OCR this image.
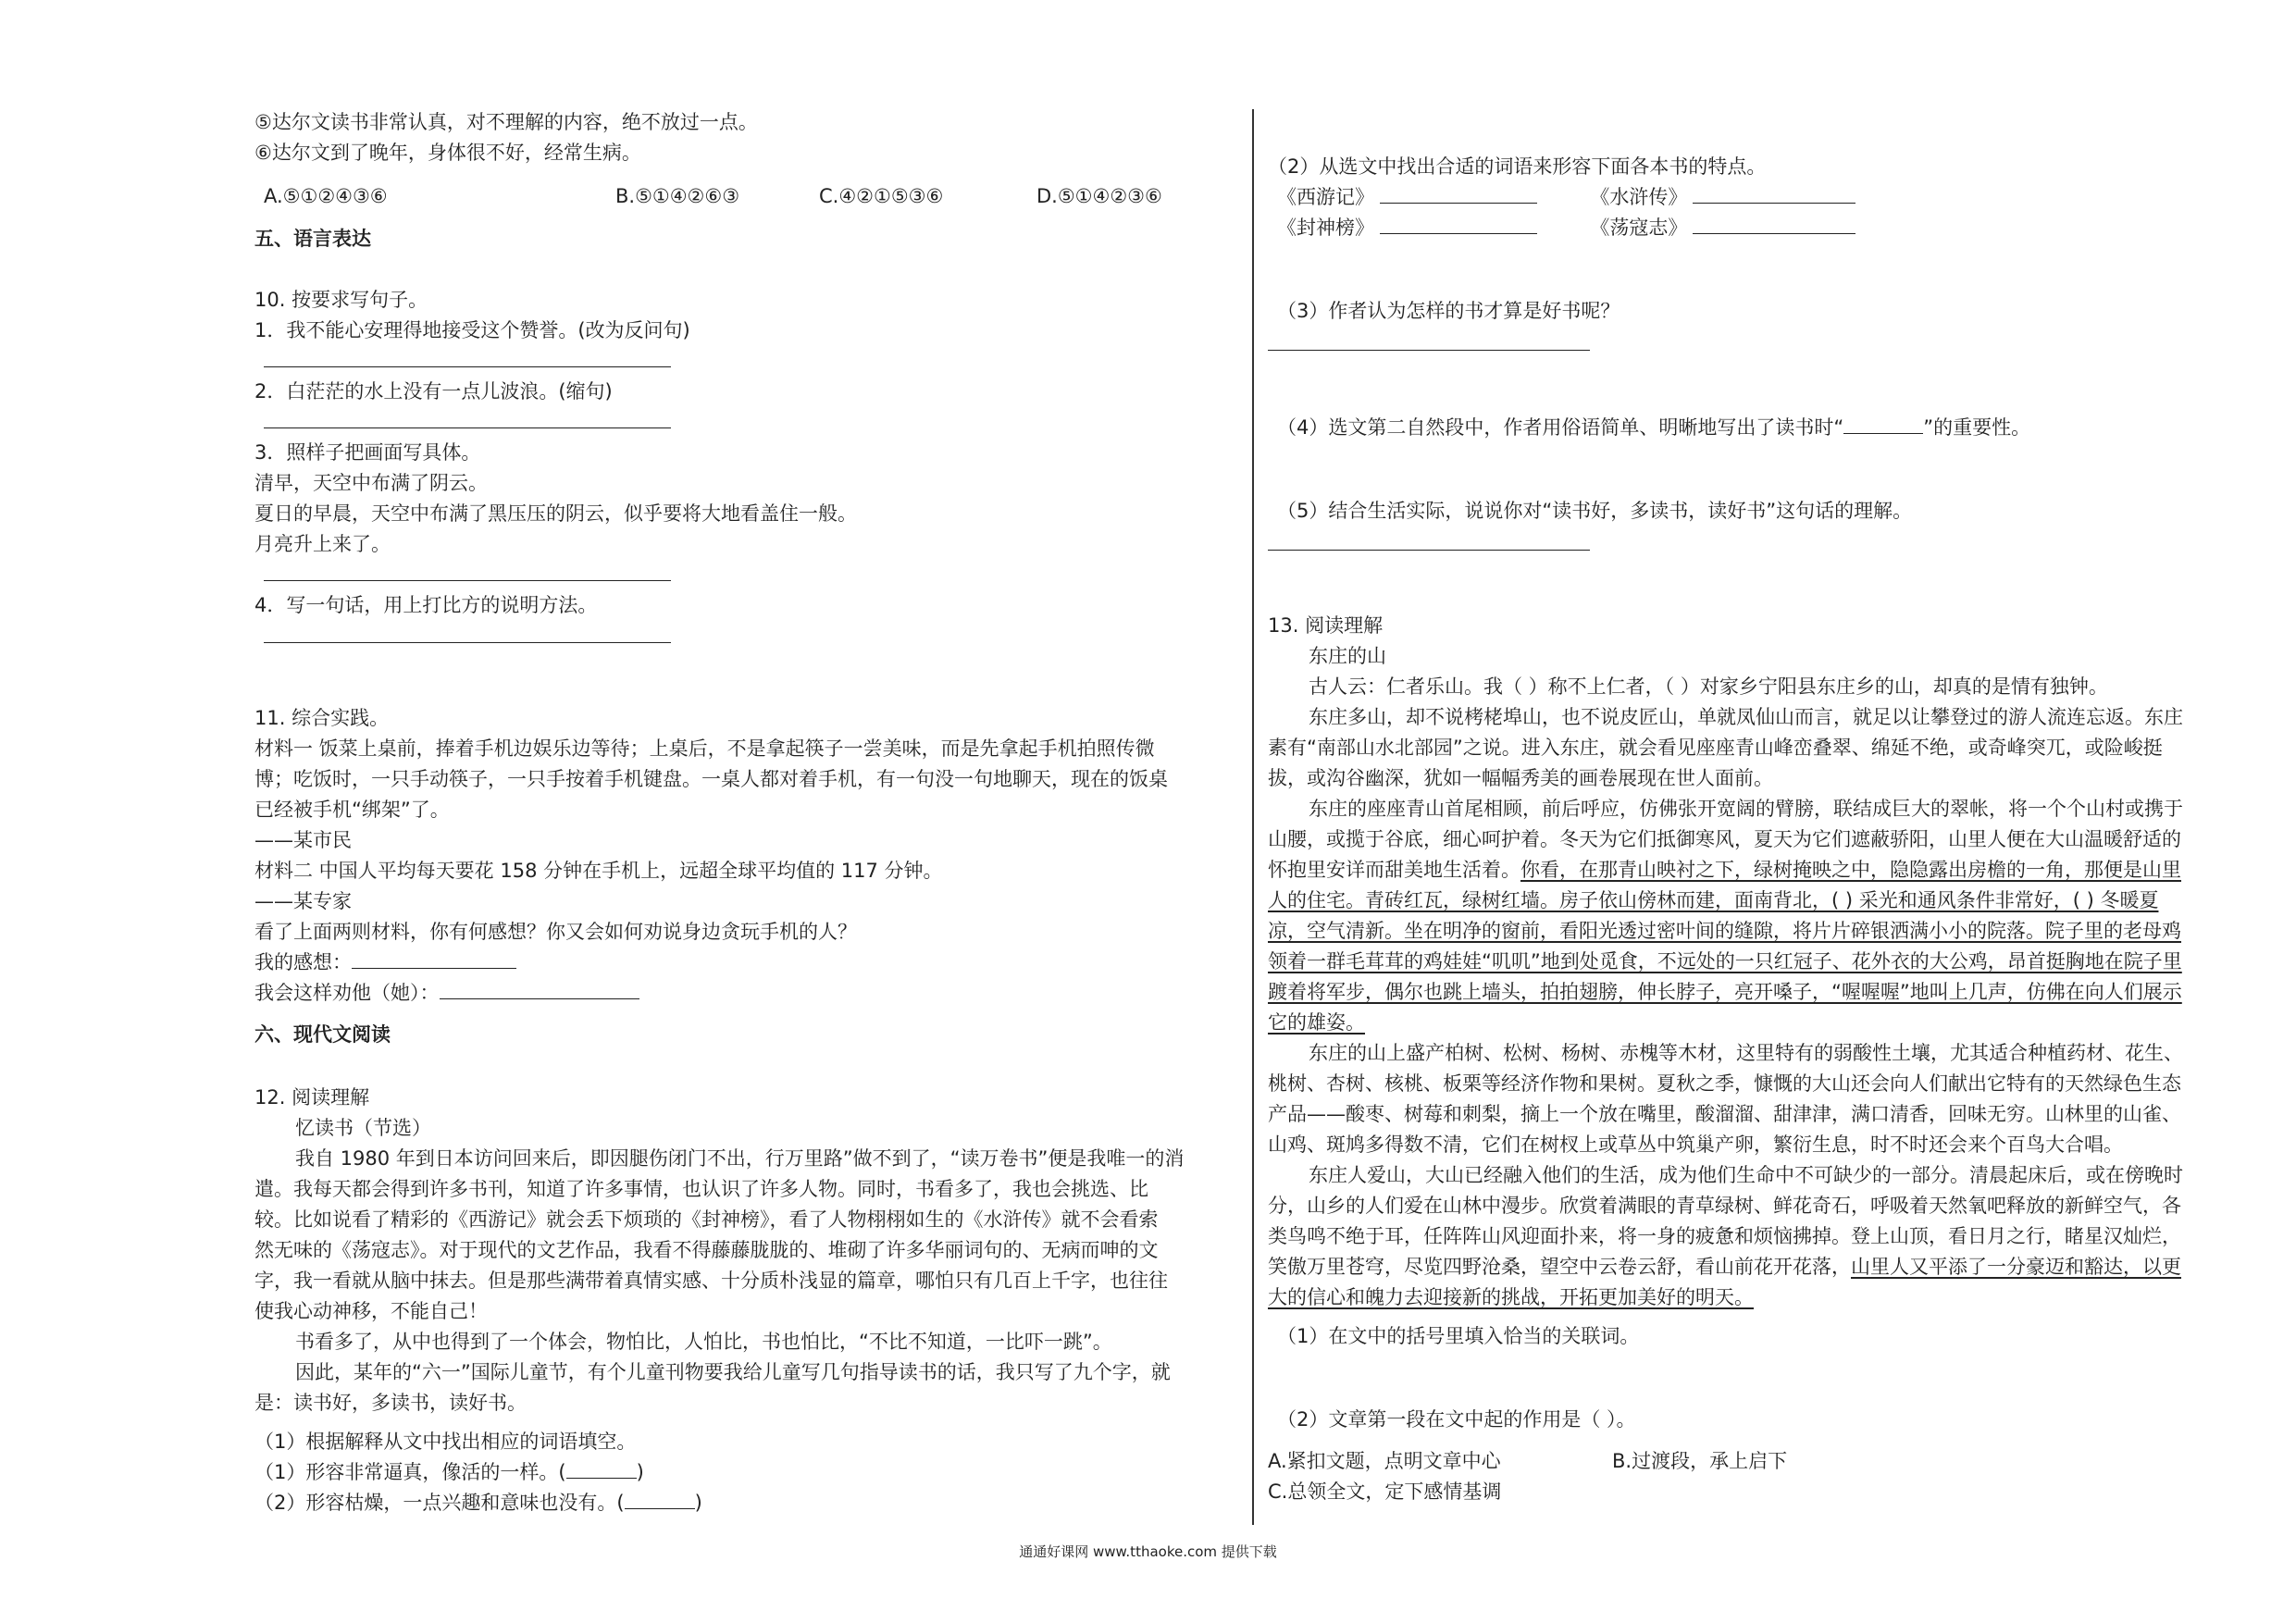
⑤达尔文读书非常认真，对不理解的内容，绝不放过一点。
⑥达尔文到了晚年，身体很不好，经常生病。
A.⑤①②④③⑥	B.⑤①④②⑥③	C.④②①⑤③⑥	D.⑤①④②③⑥
五、语言表达
10. 按要求写句子。
1．我不能心安理得地接受这个赞誉。(改为反问句)
2．白茫茫的水上没有一点儿波浪。(缩句)
3．照样子把画面写具体。
清早，天空中布满了阴云。
夏日的早晨，天空中布满了黑压压的阴云，似乎要将大地看盖住一般。
月亮升上来了。
4．写一句话，用上打比方的说明方法。
11. 综合实践。
材料一 饭菜上桌前，捧着手机边娱乐边等待；上桌后，不是拿起筷子一尝美味，而是先拿起手机拍照传微
博；吃饭时，一只手动筷子，一只手按着手机键盘。一桌人都对着手机，有一句没一句地聊天，现在的饭桌
已经被手机“绑架”了。
——某市民
材料二 中国人平均每天要花 158 分钟在手机上，远超全球平均值的 117 分钟。
——某专家
看了上面两则材料，你有何感想？你又会如何劝说身边贪玩手机的人？
我的感想：
我会这样劝他（她）：
六、现代文阅读
12. 阅读理解
忆读书（节选）
我自 1980 年到日本访问回来后，即因腿伤闭门不出，行万里路”做不到了，“读万卷书”便是我唯一的消
遣。我每天都会得到许多书刊，知道了许多事情，也认识了许多人物。同时，书看多了，我也会挑选、比
较。比如说看了精彩的《西游记》就会丢下烦琐的《封神榜》，看了人物栩栩如生的《水浒传》就不会看索
然无味的《荡寇志》。对于现代的文艺作品，我看不得藤藤胧胧的、堆砌了许多华丽词句的、无病而呻的文
字，我一看就从脑中抹去。但是那些满带着真情实感、十分质朴浅显的篇章，哪怕只有几百上千字，也往往
使我心动神移，不能自己！
书看多了，从中也得到了一个体会，物怕比，人怕比，书也怕比，“不比不知道，一比吓一跳”。
因此，某年的“六一”国际儿童节，有个儿童刊物要我给儿童写几句指导读书的话，我只写了九个字，就
是：读书好，多读书，读好书。
（1）根据解释从文中找出相应的词语填空。
（1）形容非常逼真，像活的一样。(	)
（2）形容枯燥，一点兴趣和意味也没有。(	)
（2）从选文中找出合适的词语来形容下面各本书的特点。
《西游记》	《水浒传》
《封神榜》	《荡寇志》
（3）作者认为怎样的书才算是好书呢？
（4）选文第二自然段中，作者用俗语简单、明晰地写出了读书时“	”的重要性。
（5）结合生活实际，说说你对“读书好，多读书，读好书”这句话的理解。
13. 阅读理解
东庄的山
古人云：仁者乐山。我（ ）称不上仁者，（ ）对家乡宁阳县东庄乡的山，却真的是情有独钟。
东庄多山，却不说栲栳埠山，也不说皮匠山，单就凤仙山而言，就足以让攀登过的游人流连忘返。东庄
素有“南部山水北部园”之说。进入东庄，就会看见座座青山峰峦叠翠、绵延不绝，或奇峰突兀，或险峻挺
拔，或沟谷幽深，犹如一幅幅秀美的画卷展现在世人面前。
东庄的座座青山首尾相顾，前后呼应，仿佛张开宽阔的臂膀，联结成巨大的翠帐，将一个个山村或携于
山腰，或揽于谷底，细心呵护着。冬天为它们抵御寒风，夏天为它们遮蔽骄阳，山里人便在大山温暖舒适的
怀抱里安详而甜美地生活着。你看，在那青山映衬之下，绿树掩映之中，隐隐露出房檐的一角，那便是山里
人的住宅。青砖红瓦，绿树红墙。房子依山傍林而建，面南背北，( ) 采光和通风条件非常好，( ) 冬暖夏
凉，空气清新。坐在明净的窗前，看阳光透过密叶间的缝隙，将片片碎银洒满小小的院落。院子里的老母鸡
领着一群毛茸茸的鸡娃娃“叽叽”地到处觅食，不远处的一只红冠子、花外衣的大公鸡，昂首挺胸地在院子里
踱着将军步，偶尔也跳上墙头，拍拍翅膀，伸长脖子，亮开嗓子，“喔喔喔”地叫上几声，仿佛在向人们展示
它的雄姿。
东庄的山上盛产柏树、松树、杨树、赤槐等木材，这里特有的弱酸性土壤，尤其适合种植药材、花生、
桃树、杏树、核桃、板栗等经济作物和果树。夏秋之季，慷慨的大山还会向人们献出它特有的天然绿色生态
产品——酸枣、树莓和刺梨，摘上一个放在嘴里，酸溜溜、甜津津，满口清香，回味无穷。山林里的山雀、
山鸡、斑鸠多得数不清，它们在树杈上或草丛中筑巢产卵，繁衍生息，时不时还会来个百鸟大合唱。
东庄人爱山，大山已经融入他们的生活，成为他们生命中不可缺少的一部分。清晨起床后，或在傍晚时
分，山乡的人们爱在山林中漫步。欣赏着满眼的青草绿树、鲜花奇石，呼吸着天然氧吧释放的新鲜空气，各
类鸟鸣不绝于耳，任阵阵山风迎面扑来，将一身的疲惫和烦恼拂掉。登上山顶，看日月之行，睹星汉灿烂，
笑傲万里苍穹，尽览四野沧桑，望空中云卷云舒，看山前花开花落，山里人又平添了一分豪迈和豁达，以更
大的信心和魄力去迎接新的挑战，开拓更加美好的明天。
（1）在文中的括号里填入恰当的关联词。
（2）文章第一段在文中起的作用是（ ）。
A.紧扣文题，点明文章中心	B.过渡段，承上启下
C.总领全文，定下感情基调
通通好课网 www.tthaoke.com 提供下载
